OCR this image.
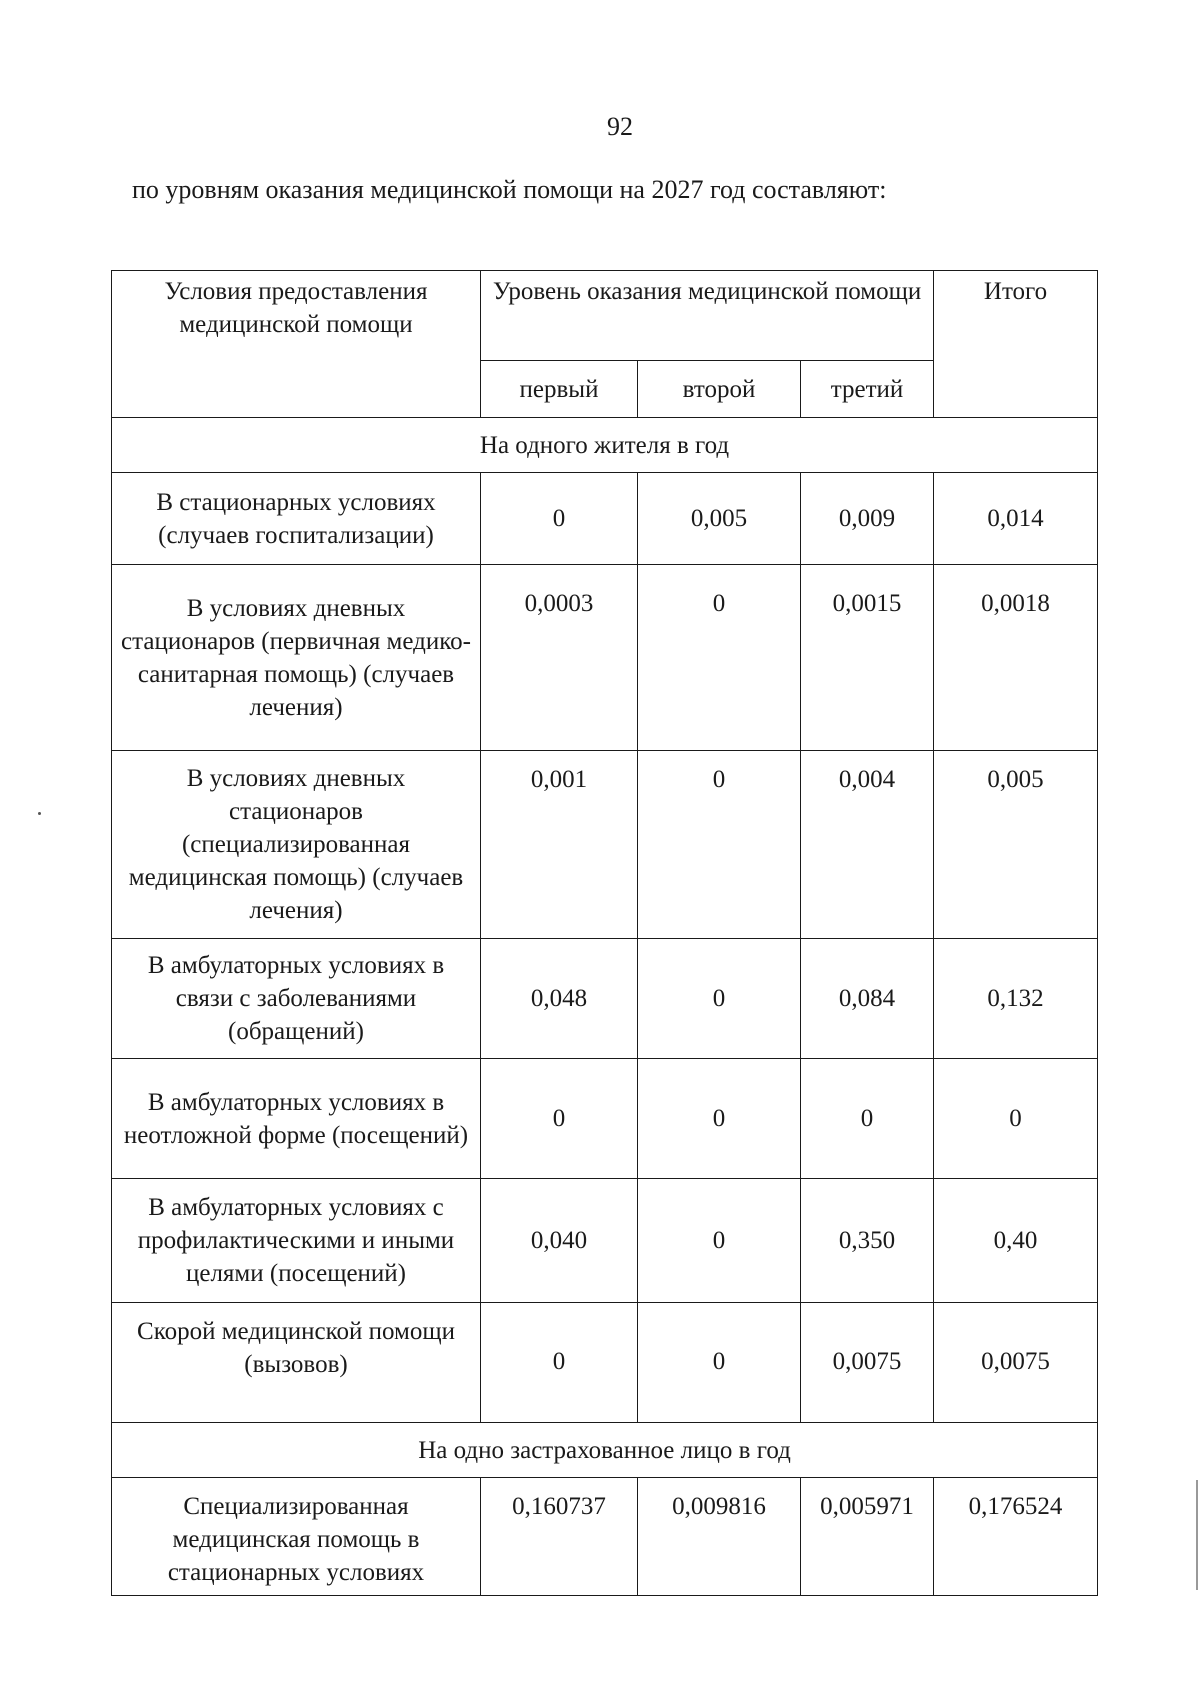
92
по уровням оказания медицинской помощи на 2027 год составляют:
Условия предоставления медицинской помощи	Уровень оказания медицинской помощи			Итого
	первый	второй	третий	
На одного жителя в год				
В стационарных условиях (случаев госпитализации)	0	0,005	0,009	0,014
В условиях дневных стационаров (первичная медико-санитарная помощь) (случаев лечения)	0,0003	0	0,0015	0,0018
В условиях дневных стационаров (специализированная медицинская помощь) (случаев лечения)	0,001	0	0,004	0,005
В амбулаторных условиях в связи с заболеваниями (обращений)	0,048	0	0,084	0,132
В амбулаторных условиях в неотложной форме (посещений)	0	0	0	0
В амбулаторных условиях с профилактическими и иными целями (посещений)	0,040	0	0,350	0,40
Скорой медицинской помощи (вызовов)	0	0	0,0075	0,0075
На одно застрахованное лицо в год				
Специализированная медицинская помощь в стационарных условиях	0,160737	0,009816	0,005971	0,176524
